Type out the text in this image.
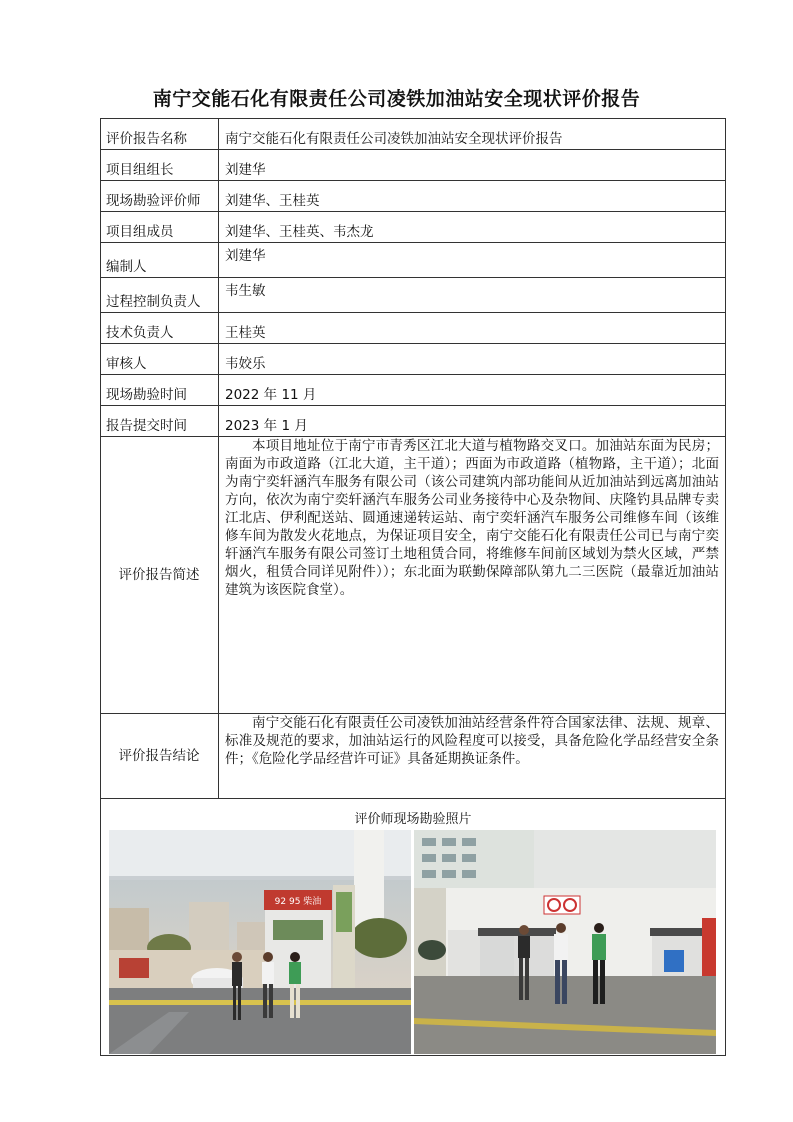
南宁交能石化有限责任公司凌铁加油站安全现状评价报告
评价报告名称	南宁交能石化有限责任公司凌铁加油站安全现状评价报告
项目组组长	刘建华
现场勘验评价师	刘建华、王桂英
项目组成员	刘建华、王桂英、韦杰龙
编制人	刘建华
过程控制负责人	韦生敏
技术负责人	王桂英
审核人	韦姣乐
现场勘验时间	2022 年 11 月
报告提交时间	2023 年 1 月
评价报告简述	本项目地址位于南宁市青秀区江北大道与植物路交叉口。加油站东面为民房；南面为市政道路（江北大道，主干道）；西面为市政道路（植物路，主干道）；北面为南宁奕轩涵汽车服务有限公司（该公司建筑内部功能间从近加油站到远离加油站方向，依次为南宁奕轩涵汽车服务公司业务接待中心及杂物间、庆隆钓具品牌专卖江北店、伊利配送站、圆通速递转运站、南宁奕轩涵汽车服务公司维修车间（该维修车间为散发火花地点，为保证项目安全，南宁交能石化有限责任公司已与南宁奕轩涵汽车服务有限公司签订土地租赁合同，将维修车间前区域划为禁火区域，严禁烟火，租赁合同详见附件））；东北面为联勤保障部队第九二三医院（最靠近加油站建筑为该医院食堂）。

评价报告结论	南宁交能石化有限责任公司凌铁加油站经营条件符合国家法律、法规、规章、标准及规范的要求，加油站运行的风险程度可以接受，具备危险化学品经营安全条件；《危险化学品经营许可证》具备延期换证条件。

评价师现场勘验照片
92 95 柴油	
